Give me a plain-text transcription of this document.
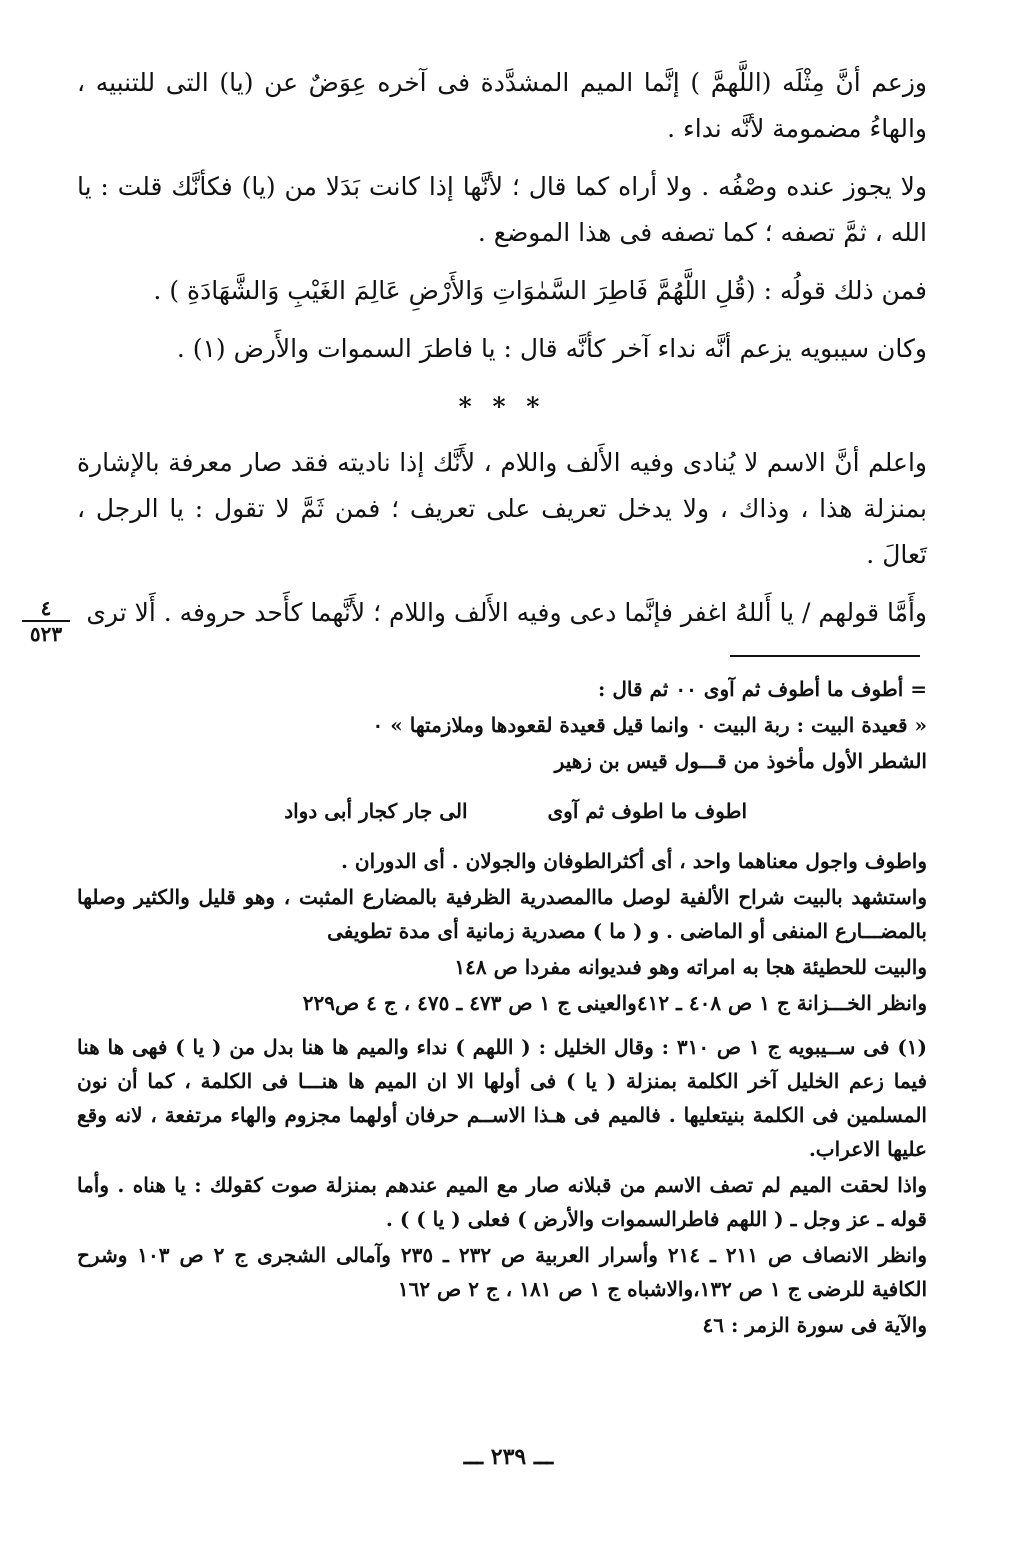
وزعم أنَّ مِثْلَه (اللَّهمَّ ) إنَّما الميم المشدَّدة فى آخره عِوَضٌ عن (يا) التى للتنبيه ، والهاءُ مضمومة لأنَّه نداء .

ولا يجوز عنده وصْفُه . ولا أراه كما قال ؛ لأنَّها إذا كانت بَدَلا من (يا) فكأنَّك قلت : يا الله ، ثمَّ تصفه ؛ كما تصفه فى هذا الموضع .

فمن ذلك قولُه : (قُلِ اللَّهُمَّ فَاطِرَ السَّمٰوَاتِ وَالأَرْضِ عَالِمَ الغَيْبِ وَالشَّهَادَةِ ) .

وكان سيبويه يزعم أنَّه نداء آخر كأنَّه قال : يا فاطرَ السموات والأَرض (١) .

* * *

واعلم أنَّ الاسم لا يُنادى وفيه الأَلف واللام ، لأَنَّك إذا ناديته فقد صار معرفة بالإشارة بمنزلة هذا ، وذاك ، ولا يدخل تعريف على تعريف ؛ فمن ثَمَّ لا تقول : يا الرجل ، تَعالَ .

وأَمَّا قولهم / يا أَللهُ اغفر فإنَّما دعى وفيه الأَلف واللام ؛ لأَنَّهما كأَحد حروفه . أَلا ترى

٤
٥٢٣

= أطوف ما أطوف ثم آوى ٠٠ ثم قال :

« قعيدة البيت : ربة البيت ٠ وانما قيل قعيدة لقعودها وملازمتها » ٠

الشطر الأول مأخوذ من قـــول قيس بن زهير

اطوف ما اطوف ثم آوى
الى جار كجار أبى دواد

واطوف واجول معناهما واحد ، أى أكثرالطوفان والجولان . أى الدوران .

واستشهد بالبيت شراح الألفية لوصل ماالمصدرية الظرفية بالمضارع المثبت ، وهو قليل والكثير وصلها بالمضـــارع المنفى أو الماضى . و ( ما ) مصدرية زمانية أى مدة تطويفى

والبيت للحطيئة هجا به امراته وهو فىديوانه مفردا ص ١٤٨

وانظر الخـــزانة ج ١ ص ٤٠٨ ـ ٤١٢والعينى ج ١ ص ٤٧٣ ـ ٤٧٥ ، ج ٤ ص٢٢٩

(١) فى ســيبويه ج ١ ص ٣١٠ : وقال الخليل : ( اللهم ) نداء والميم ها هنا بدل من ( يا ) فهى ها هنا فيما زعم الخليل آخر الكلمة بمنزلة ( يا ) فى أولها الا ان الميم ها هنـــا فى الكلمة ، كما أن نون المسلمين فى الكلمة بنيتعليها . فالميم فى هـذا الاســم حرفان أولهما مجزوم والهاء مرتفعة ، لانه وقع عليها الاعراب.

واذا لحقت الميم لم تصف الاسم من قبلانه صار مع الميم عندهم بمنزلة صوت كقولك : يا هناه . وأما قوله ـ عز وجل ـ ( اللهم فاطرالسموات والأرض ) فعلى ( يا ) ) .

وانظر الانصاف ص ٢١١ ـ ٢١٤ وأسرار العربية ص ٢٣٢ ـ ٢٣٥ وآمالى الشجرى ج ٢ ص ١٠٣ وشرح الكافية للرضى ج ١ ص ١٣٢،والاشباه ج ١ ص ١٨١ ، ج ٢ ص ١٦٢

والآية فى سورة الزمر : ٤٦

ـــ ٢٣٩ ـــ
